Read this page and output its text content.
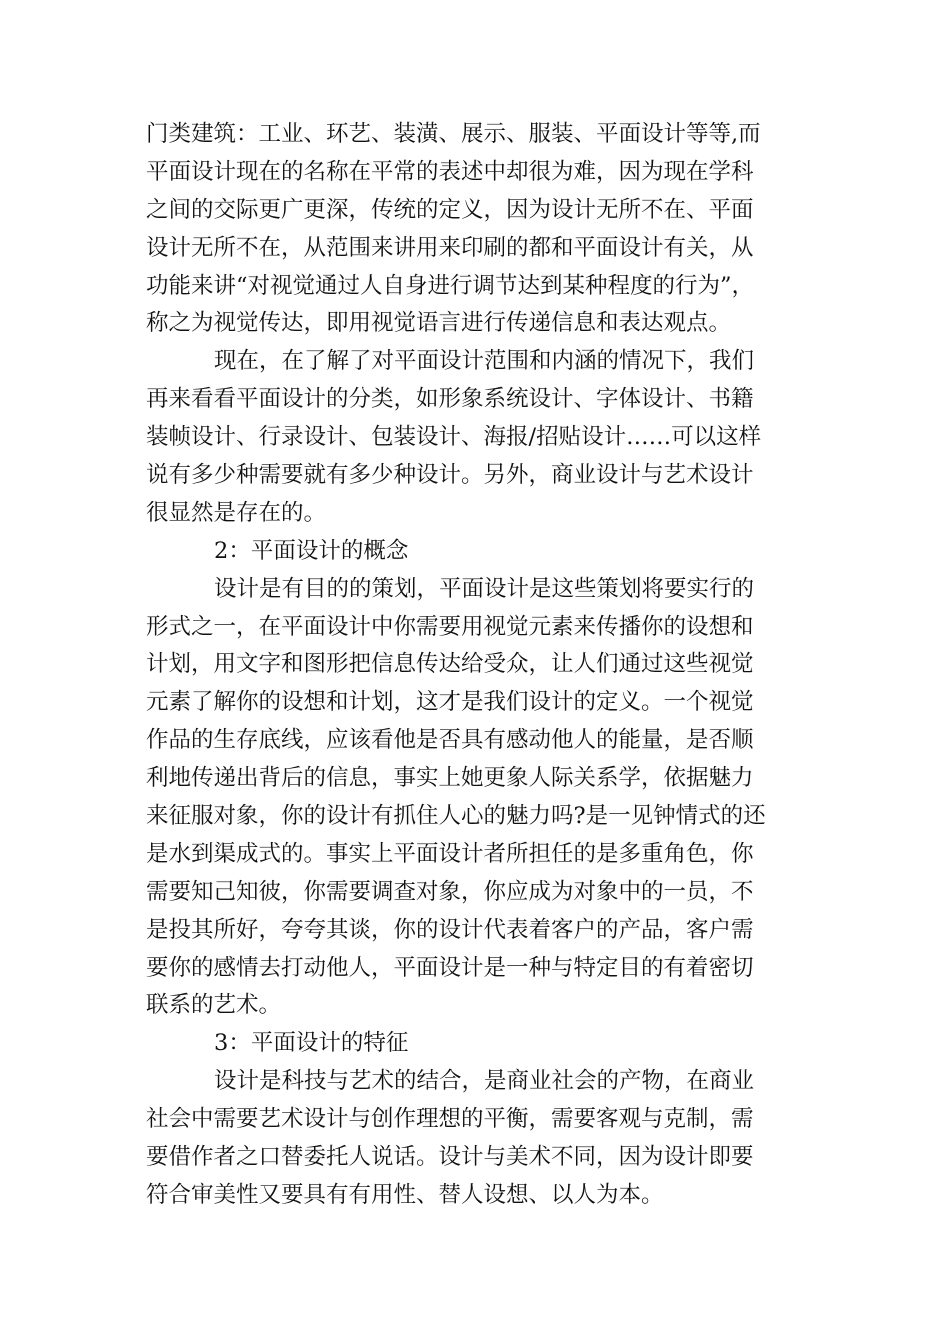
门类建筑：工业、环艺、装潢、展示、服装、平面设计等等,而
平面设计现在的名称在平常的表述中却很为难，因为现在学科
之间的交际更广更深，传统的定义，因为设计无所不在、平面
设计无所不在，从范围来讲用来印刷的都和平面设计有关，从
功能来讲“对视觉通过人自身进行调节达到某种程度的行为”，
称之为视觉传达，即用视觉语言进行传递信息和表达观点。
现在，在了解了对平面设计范围和内涵的情况下，我们
再来看看平面设计的分类，如形象系统设计、字体设计、书籍
装帧设计、行录设计、包装设计、海报/招贴设计……可以这样
说有多少种需要就有多少种设计。另外，商业设计与艺术设计
很显然是存在的。
2：平面设计的概念
设计是有目的的策划，平面设计是这些策划将要实行的
形式之一，在平面设计中你需要用视觉元素来传播你的设想和
计划，用文字和图形把信息传达给受众，让人们通过这些视觉
元素了解你的设想和计划，这才是我们设计的定义。一个视觉
作品的生存底线，应该看他是否具有感动他人的能量，是否顺
利地传递出背后的信息，事实上她更象人际关系学，依据魅力
来征服对象，你的设计有抓住人心的魅力吗?是一见钟情式的还
是水到渠成式的。事实上平面设计者所担任的是多重角色，你
需要知己知彼，你需要调查对象，你应成为对象中的一员，不
是投其所好，夸夸其谈，你的设计代表着客户的产品，客户需
要你的感情去打动他人，平面设计是一种与特定目的有着密切
联系的艺术。
3：平面设计的特征
设计是科技与艺术的结合，是商业社会的产物，在商业
社会中需要艺术设计与创作理想的平衡，需要客观与克制，需
要借作者之口替委托人说话。设计与美术不同，因为设计即要
符合审美性又要具有有用性、替人设想、以人为本。
